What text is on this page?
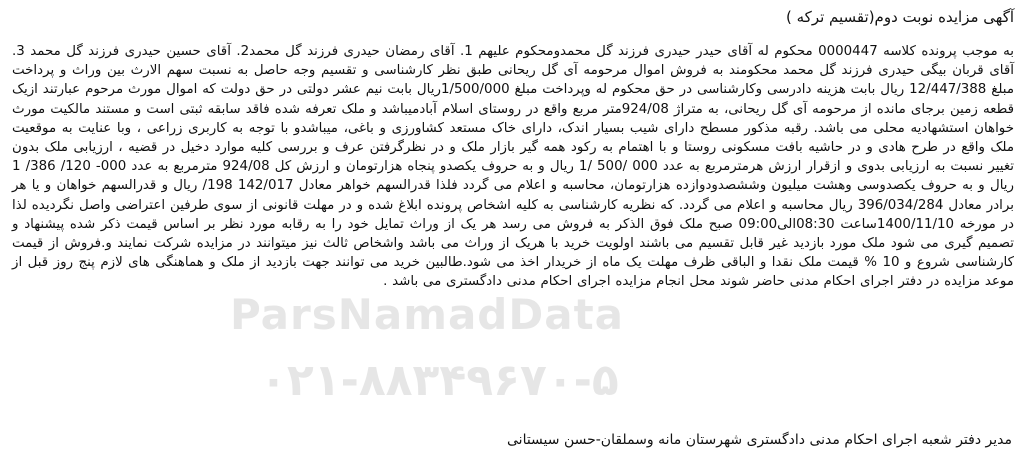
آگهی مزایده نوبت دوم(تقسیم ترکه )

به موجب پرونده کلاسه 0000447 محکوم له آقای حیدر حیدری فرزند گل محمدومحکوم علیهم 1. آقای رمضان حیدری فرزند گل محمد2. آقای حسین حیدری فرزند گل محمد 3. آقای قربان بیگی حیدری فرزند گل محمد محکومند به فروش اموال مرحومه آی گل ریحانی طبق نظر کارشناسی و تقسیم وجه حاصل به نسبت سهم الارث بین وراث و پرداخت مبلغ 12/447/388 ریال بابت هزینه دادرسی وکارشناسی در حق محکوم له وپرداخت مبلغ 1/500/000ریال بابت نیم عشر دولتی در حق دولت که اموال مورث مرحوم عبارتند ازیک قطعه زمین برجای مانده از مرحومه آی گل ریحانی، به متراژ 924/08متر مربع واقع در روستای اسلام آبادمیباشد و ملک تعرفه شده فاقد سابقه ثبتی است و مستند مالکیت مورث خواهان استشهادیه محلی می باشد. رقبه مذکور مسطح دارای شیب بسیار اندک، دارای خاک مستعد کشاورزی و باغی، میباشدو با توجه به کاربری زراعی ، وبا عنایت به موقعیت ملک واقع در طرح هادی و در حاشیه بافت مسکونی روستا و با اهتمام به رکود همه گیر بازار ملک و در نظرگرفتن عرف و بررسی کلیه موارد دخیل در قضیه ، ارزیابی ملک بدون تغییر نسبت به ارزیابی بدوی و ازقرار ارزش هرمترمربع به عدد 000 /500 /1 ریال و به حروف یکصدو پنجاه هزارتومان و ارزش کل 924/08 مترمربع به عدد 000- 120/ 386/ 1 ریال و به حروف یکصدوسی وهشت میلیون وششصدودوازده هزارتومان، محاسبه و اعلام می گردد فلذا قدرالسهم خواهر معادل 142/017 198/ ریال و قدرالسهم خواهان و یا هر برادر معادل 396/034/284 ریال محاسبه و اعلام می گردد. که نظریه کارشناسی به کلیه اشخاص پرونده ابلاغ شده و در مهلت قانونی از سوی طرفین اعتراضی واصل نگردیده لذا در مورخه 1400/11/10ساعت 08:30الی09:00 صبح ملک فوق الذکر به فروش می رسد هر یک از وراث تمایل خود را به رقابه مورد نظر بر اساس قیمت ذکر شده پیشنهاد و تصمیم گیری می شود ملک مورد بازدید غیر قابل تقسیم می باشند اولویت خرید با هریک از وراث می باشد واشخاص ثالث نیز میتوانند در مزایده شرکت نمایند و.فروش از قیمت کارشناسی شروع و 10 % قیمت ملک نقدا و الباقی ظرف مهلت یک ماه از خریدار اخذ می شود.طالبین خرید می توانند جهت بازدید از ملک و هماهنگی های لازم پنج روز قبل از موعد مزایده در دفتر اجرای احکام مدنی حاضر شوند محل انجام مزایده اجرای احکام مدنی دادگستری می باشد .

ParsNamadData
۰۲۱-۸۸۳۴۹۶۷۰-۵
مدیر دفتر شعبه اجرای احکام مدنی دادگستری شهرستان مانه وسملقان-حسن سیستانی
